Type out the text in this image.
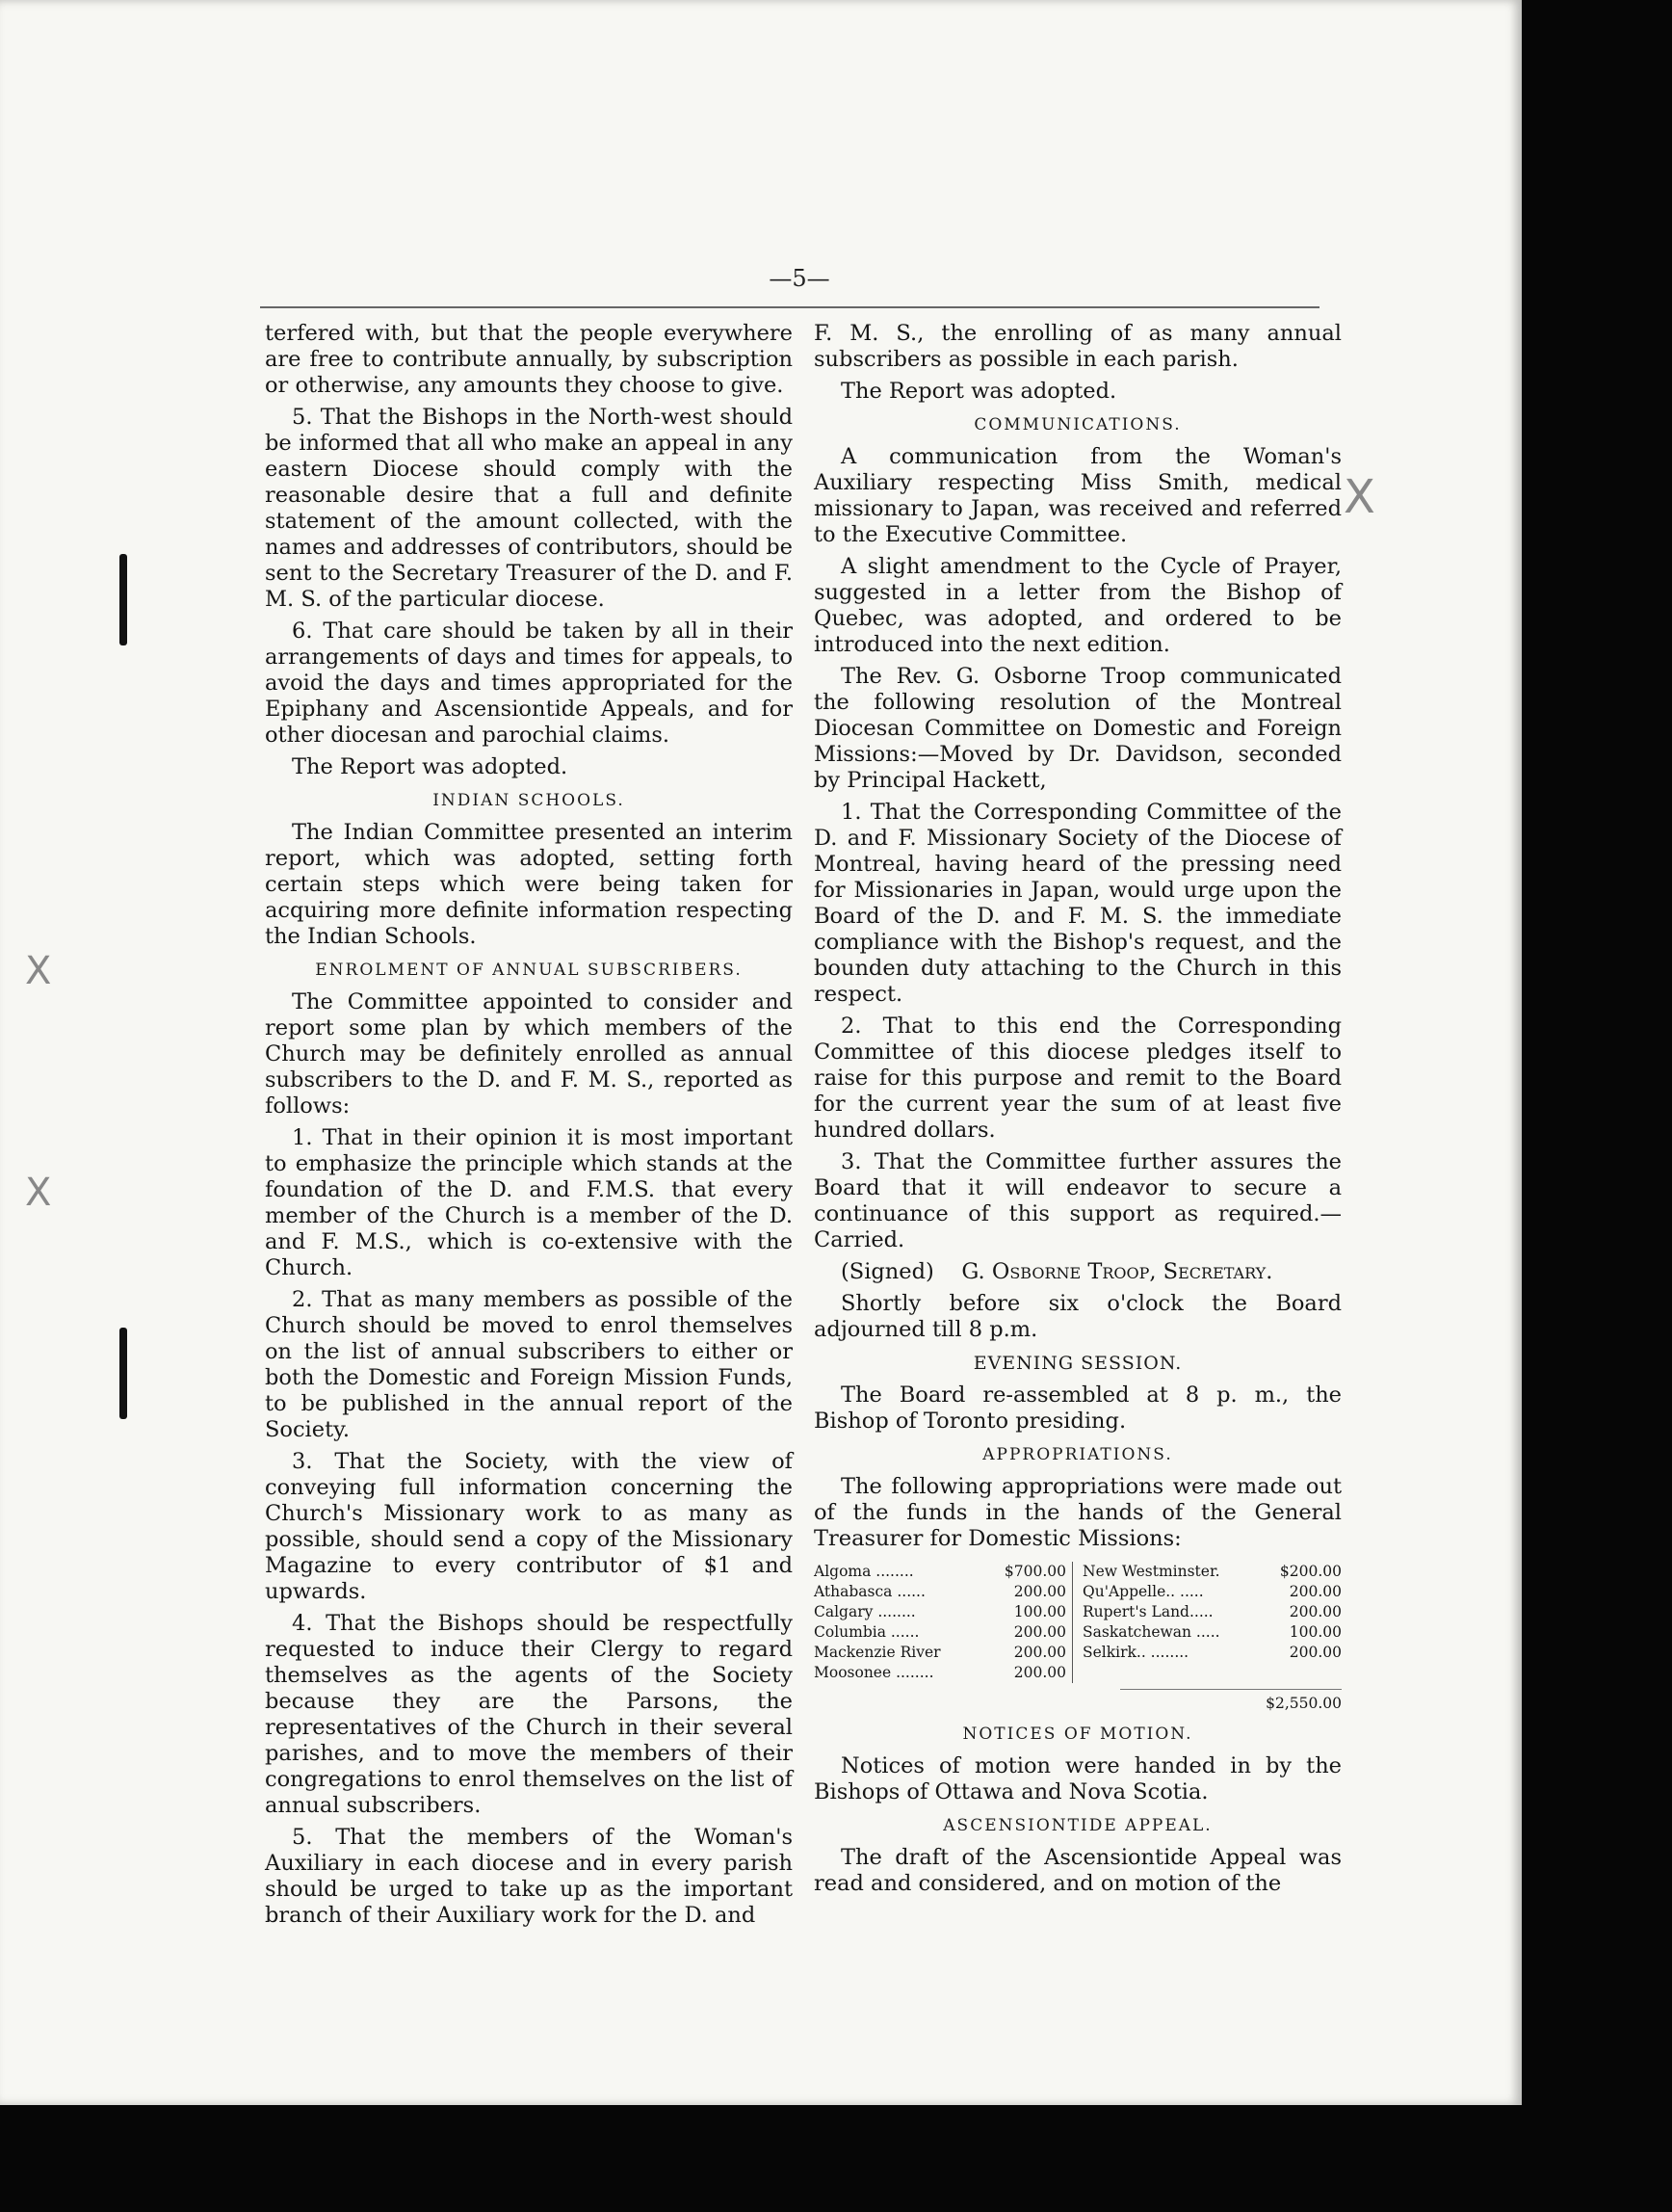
—5—
X
X
X

terfered with, but that the people everywhere are free to contribute annually, by subscription or otherwise, any amounts they choose to give.

5. That the Bishops in the North-west should be informed that all who make an appeal in any eastern Diocese should comply with the reasonable desire that a full and definite statement of the amount collected, with the names and addresses of contributors, should be sent to the Secretary Treasurer of the D. and F. M. S. of the particular diocese.

6. That care should be taken by all in their arrangements of days and times for appeals, to avoid the days and times appropriated for the Epiphany and Ascensiontide Appeals, and for other diocesan and parochial claims.

The Report was adopted.

INDIAN SCHOOLS.

The Indian Committee presented an interim report, which was adopted, setting forth certain steps which were being taken for acquiring more definite information respecting the Indian Schools.

ENROLMENT OF ANNUAL SUBSCRIBERS.

The Committee appointed to consider and report some plan by which members of the Church may be definitely enrolled as annual subscribers to the D. and F. M. S., reported as follows:

1. That in their opinion it is most important to emphasize the principle which stands at the foundation of the D. and F.M.S. that every member of the Church is a member of the D. and F. M.S., which is co-extensive with the Church.

2. That as many members as possible of the Church should be moved to enrol themselves on the list of annual subscribers to either or both the Domestic and Foreign Mission Funds, to be published in the annual report of the Society.

3. That the Society, with the view of conveying full information concerning the Church's Missionary work to as many as possible, should send a copy of the Missionary Magazine to every contributor of $1 and upwards.

4. That the Bishops should be respectfully requested to induce their Clergy to regard themselves as the agents of the Society because they are the Parsons, the representatives of the Church in their several parishes, and to move the members of their congregations to enrol themselves on the list of annual subscribers.

5. That the members of the Woman's Auxiliary in each diocese and in every parish should be urged to take up as the important branch of their Auxiliary work for the D. and

F. M. S., the enrolling of as many annual subscribers as possible in each parish.

The Report was adopted.

COMMUNICATIONS.

A communication from the Woman's Auxiliary respecting Miss Smith, medical missionary to Japan, was received and referred to the Executive Committee.

A slight amendment to the Cycle of Prayer, suggested in a letter from the Bishop of Quebec, was adopted, and ordered to be introduced into the next edition.

The Rev. G. Osborne Troop communicated the following resolution of the Montreal Diocesan Committee on Domestic and Foreign Missions:—Moved by Dr. Davidson, seconded by Principal Hackett,

1. That the Corresponding Committee of the D. and F. Missionary Society of the Diocese of Montreal, having heard of the pressing need for Missionaries in Japan, would urge upon the Board of the D. and F. M. S. the immediate compliance with the Bishop's request, and the bounden duty attaching to the Church in this respect.

2. That to this end the Corresponding Committee of this diocese pledges itself to raise for this purpose and remit to the Board for the current year the sum of at least five hundred dollars.

3. That the Committee further assures the Board that it will endeavor to secure a continuance of this support as required.—Carried.

(Signed) G. Osborne Troop, Secretary.

Shortly before six o'clock the Board adjourned till 8 p.m.

EVENING SESSION.

The Board re-assembled at 8 p. m., the Bishop of Toronto presiding.

APPROPRIATIONS.

The following appropriations were made out of the funds in the hands of the General Treasurer for Domestic Missions:

Algoma ........	$700.00
Athabasca ......	200.00
Calgary ........	100.00
Columbia ......	200.00
Mackenzie River	200.00
Moosonee ........	200.00
New Westminster.	$200.00
Qu'Appelle.. .....	200.00
Rupert's Land.....	200.00
Saskatchewan .....	100.00
Selkirk.. ........	200.00
$2,550.00
NOTICES OF MOTION.

Notices of motion were handed in by the Bishops of Ottawa and Nova Scotia.

ASCENSIONTIDE APPEAL.

The draft of the Ascensiontide Appeal was read and considered, and on motion of the
